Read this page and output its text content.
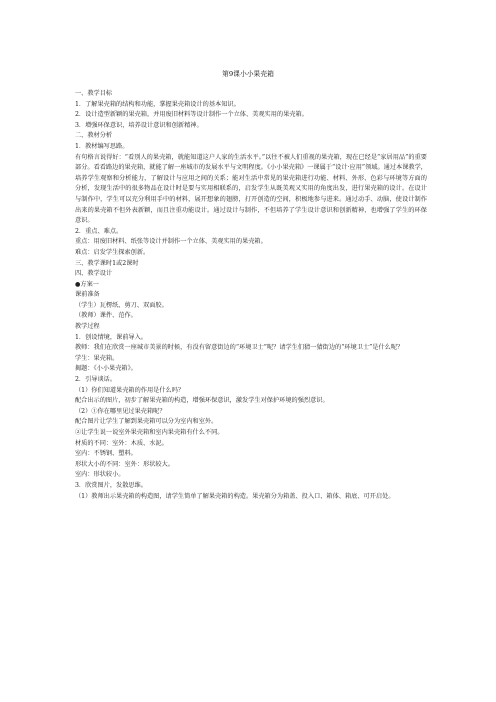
第9课小小果壳箱

一、教学目标

1．了解果壳箱的结构和功能，掌握果壳箱设计的基本知识。

2．设计造型新颖的果壳箱，并用废旧材料等设计制作一个立体、美观实用的果壳箱。

3．增强环保意识，培养设计意识和创新精神。

二、教材分析

1．教材编写思路。

有句格言说得好：“看别人的果壳箱，就能知道这户人家的生活水平。”以往不被人们重视的果壳箱，现在已经是“家居用品”的重要部分。看看路边的果壳箱，就能了解一座城市的发展水平与文明程度。《小小果壳箱》一课属于“设计·应用”领域。通过本课教学，培养学生观察和分析能力，了解设计与应用之间的关系；能对生活中常见的果壳箱进行功能、材料、外形、色彩与环境等方面的分析，发现生活中的很多物品在设计时是要与实用相联系的，启发学生从既美观又实用的角度出发，进行果壳箱的设计。在设计与制作中，学生可以充分利用手中的材料，展开想象的翅膀，打开创造的空间，积极地参与进来。通过动手、动脑，使设计制作出来的果壳箱不但外表新颖，而且注重功能设计。通过设计与制作，不但培养了学生设计意识和创新精神，也增强了学生的环保意识。

2．重点、难点。

重点：用废旧材料、纸张等设计并制作一个立体、美观实用的果壳箱。

难点：启发学生探索创新。

三、教学课时1或2课时

四、教学设计

●方案一

课前准备

（学生）瓦楞纸、剪刀、双面胶。

（教师）课件、范作。

教学过程

1．创设情境，课前导入。

教师：我们在欣赏一座城市美景的时候，有没有留意街边的“环境卫士”呢？请学生们猜一猜街边的“环境卫士”是什么呢？

学生：果壳箱。

揭题：《小小果壳箱》。

2．引导谈话。

（1）你们知道果壳箱的作用是什么吗？

配合出示的图片，初步了解果壳箱的构造，增强环保意识，激发学生对保护环境的强烈意识。

（2）①你在哪里见过果壳箱呢？

配合图片让学生了解到果壳箱可以分为室内和室外。

②让学生说一说室外果壳箱和室内果壳箱有什么不同。

材质的不同：室外：木质、水泥。

室内：不锈钢、塑料。

形状大小的不同：室外：形状较大。

室内：形状较小。

3．欣赏图片，发散思维。

（1）教师出示果壳箱的构造图，请学生简单了解果壳箱的构造。果壳箱分为箱盖、投入口、箱体、箱底、可开启处。
